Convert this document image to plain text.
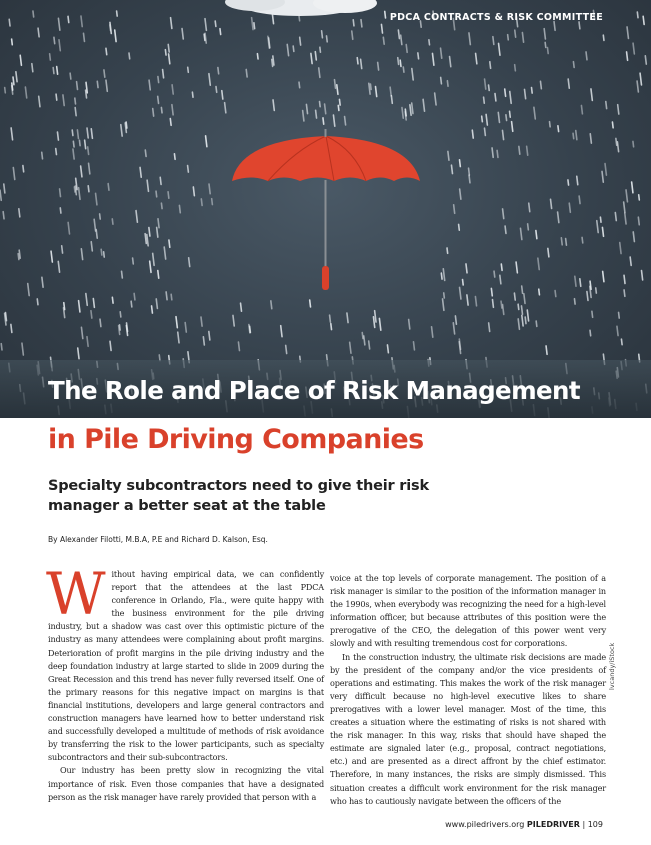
PDCA CONTRACTS & RISK COMMITTEE
The Role and Place of Risk Management
in Pile Driving Companies
Specialty subcontractors need to give their risk manager a better seat at the table
By Alexander Filotti, M.B.A, P.E and Richard D. Kalson, Esq.

Without having empirical data, we can confidently report that the attendees at the last PDCA conference in Orlando, Fla., were quite happy with the business environment for the pile driving industry, but a shadow was cast over this optimistic picture of the industry as many attendees were complaining about profit margins. Deterioration of profit margins in the pile driving industry and the deep foundation industry at large started to slide in 2009 during the Great Recession and this trend has never fully reversed itself. One of the primary reasons for this negative impact on margins is that financial institutions, developers and large general contractors and construction managers have learned how to better understand risk and successfully developed a multitude of methods of risk avoidance by transferring the risk to the lower participants, such as specialty subcontractors and their sub-subcontractors.

Our industry has been pretty slow in recognizing the vital importance of risk. Even those companies that have a designated person as the risk manager have rarely provided that person with a

voice at the top levels of corporate management. The position of a risk manager is similar to the position of the information manager in the 1990s, when everybody was recognizing the need for a high-level information officer, but because attributes of this position were the prerogative of the CEO, the delegation of this power went very slowly and with resulting tremendous cost for corporations.

In the construction industry, the ultimate risk decisions are made by the president of the company and/or the vice presidents of operations and estimating. This makes the work of the risk manager very difficult because no high-level executive likes to share prerogatives with a lower level manager. Most of the time, this creates a situation where the estimating of risks is not shared with the risk manager. In this way, risks that should have shaped the estimate are signaled later (e.g., proposal, contract negotiations, etc.) and are presented as a direct affront by the chief estimator. Therefore, in many instances, the risks are simply dismissed. This situation creates a difficult work environment for the risk manager who has to cautiously navigate between the officers of the

lvcandy/iStock
www.piledrivers.org PILEDRIVER | 109
